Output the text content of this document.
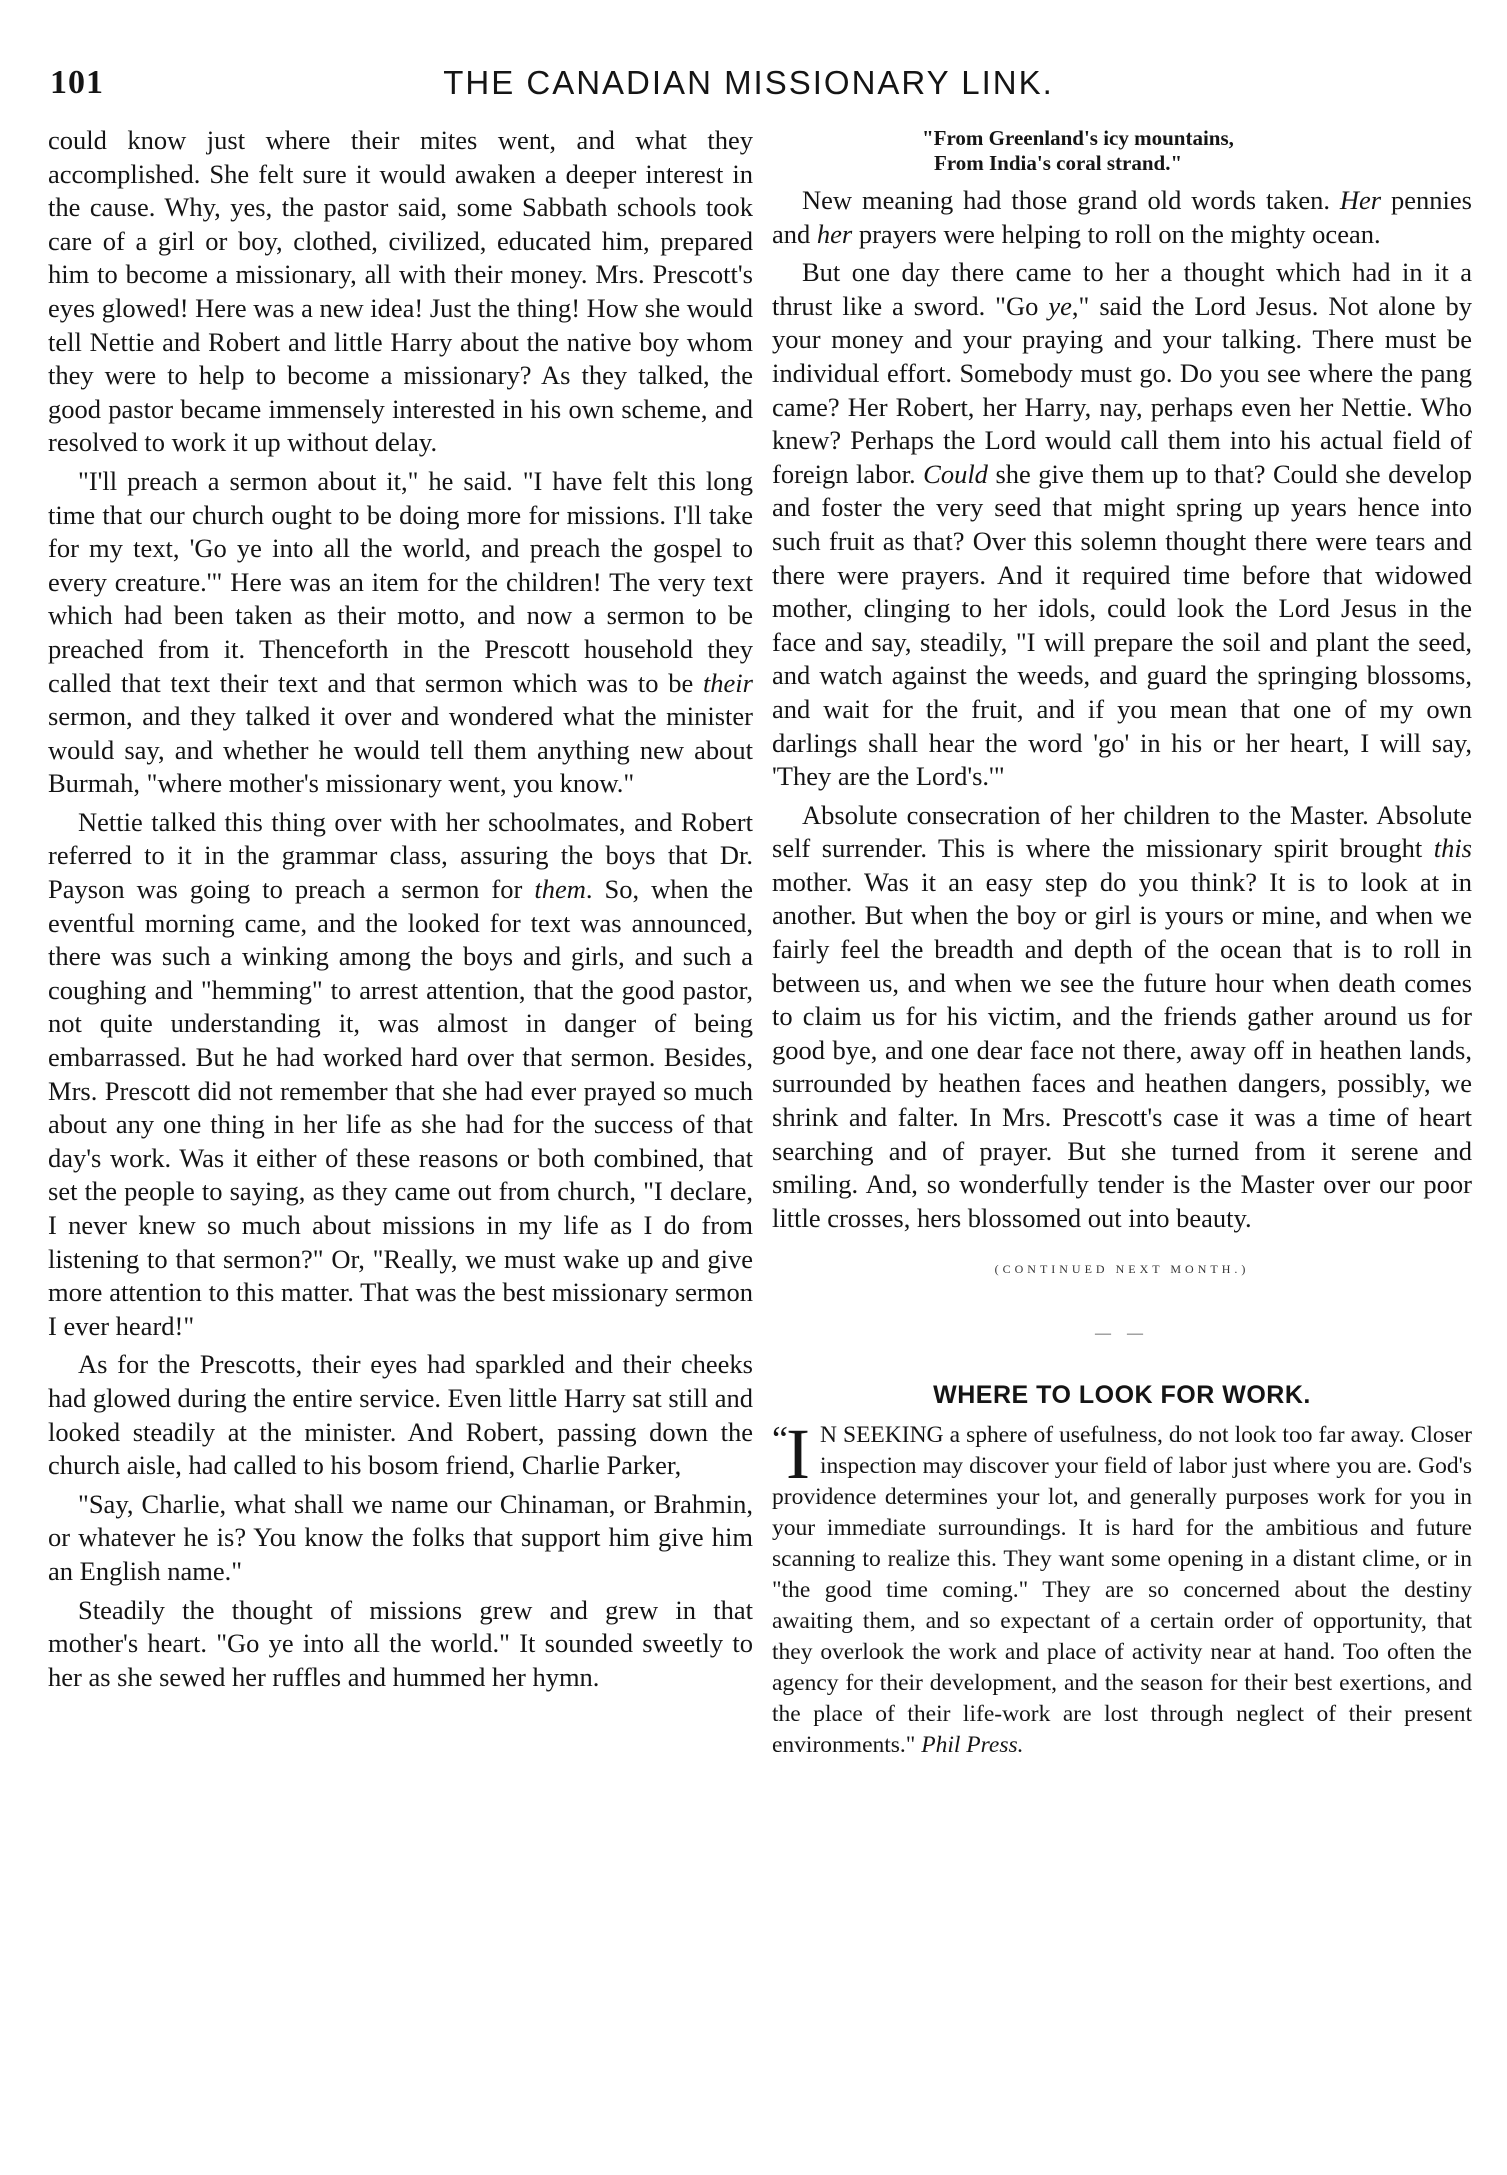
101	THE CANADIAN MISSIONARY LINK.

could know just where their mites went, and what they accomplished. She felt sure it would awaken a deeper interest in the cause. Why, yes, the pastor said, some Sabbath schools took care of a girl or boy, clothed, civilized, educated him, prepared him to become a missionary, all with their money. Mrs. Prescott's eyes glowed! Here was a new idea! Just the thing! How she would tell Nettie and Robert and little Harry about the native boy whom they were to help to become a missionary? As they talked, the good pastor became immensely interested in his own scheme, and resolved to work it up without delay.

"I'll preach a sermon about it," he said. "I have felt this long time that our church ought to be doing more for missions. I'll take for my text, 'Go ye into all the world, and preach the gospel to every creature.'" Here was an item for the children! The very text which had been taken as their motto, and now a sermon to be preached from it. Thenceforth in the Prescott household they called that text their text and that sermon which was to be their sermon, and they talked it over and wondered what the minister would say, and whether he would tell them anything new about Burmah, "where mother's missionary went, you know."

Nettie talked this thing over with her schoolmates, and Robert referred to it in the grammar class, assuring the boys that Dr. Payson was going to preach a sermon for them. So, when the eventful morning came, and the looked for text was announced, there was such a winking among the boys and girls, and such a coughing and "hemming" to arrest attention, that the good pastor, not quite understanding it, was almost in danger of being embarrassed. But he had worked hard over that sermon. Besides, Mrs. Prescott did not remember that she had ever prayed so much about any one thing in her life as she had for the success of that day's work. Was it either of these reasons or both combined, that set the people to saying, as they came out from church, "I declare, I never knew so much about missions in my life as I do from listening to that sermon?" Or, "Really, we must wake up and give more attention to this matter. That was the best missionary sermon I ever heard!"

As for the Prescotts, their eyes had sparkled and their cheeks had glowed during the entire service. Even little Harry sat still and looked steadily at the minister. And Robert, passing down the church aisle, had called to his bosom friend, Charlie Parker,

"Say, Charlie, what shall we name our Chinaman, or Brahmin, or whatever he is? You know the folks that support him give him an English name."

Steadily the thought of missions grew and grew in that mother's heart. "Go ye into all the world." It sounded sweetly to her as she sewed her ruffles and hummed her hymn.

"From Greenland's icy mountains,
From India's coral strand."

New meaning had those grand old words taken. Her pennies and her prayers were helping to roll on the mighty ocean.

But one day there came to her a thought which had in it a thrust like a sword. "Go ye," said the Lord Jesus. Not alone by your money and your praying and your talking. There must be individual effort. Somebody must go. Do you see where the pang came? Her Robert, her Harry, nay, perhaps even her Nettie. Who knew? Perhaps the Lord would call them into his actual field of foreign labor. Could she give them up to that? Could she develop and foster the very seed that might spring up years hence into such fruit as that? Over this solemn thought there were tears and there were prayers. And it required time before that widowed mother, clinging to her idols, could look the Lord Jesus in the face and say, steadily, "I will prepare the soil and plant the seed, and watch against the weeds, and guard the springing blossoms, and wait for the fruit, and if you mean that one of my own darlings shall hear the word 'go' in his or her heart, I will say, 'They are the Lord's.'"

Absolute consecration of her children to the Master. Absolute self surrender. This is where the missionary spirit brought this mother. Was it an easy step do you think? It is to look at in another. But when the boy or girl is yours or mine, and when we fairly feel the breadth and depth of the ocean that is to roll in between us, and when we see the future hour when death comes to claim us for his victim, and the friends gather around us for good bye, and one dear face not there, away off in heathen lands, surrounded by heathen faces and heathen dangers, possibly, we shrink and falter. In Mrs. Prescott's case it was a time of heart searching and of prayer. But she turned from it serene and smiling. And, so wonderfully tender is the Master over our poor little crosses, hers blossomed out into beauty.

(CONTINUED NEXT MONTH.)
— —
WHERE TO LOOK FOR WORK.

“I N SEEKING a sphere of usefulness, do not look too far away. Closer inspection may discover your field of labor just where you are. God's providence determines your lot, and generally purposes work for you in your immediate surroundings. It is hard for the ambitious and future scanning to realize this. They want some opening in a distant clime, or in "the good time coming." They are so concerned about the destiny awaiting them, and so expectant of a certain order of opportunity, that they overlook the work and place of activity near at hand. Too often the agency for their development, and the season for their best exertions, and the place of their life-work are lost through neglect of their present environments." Phil Press.
